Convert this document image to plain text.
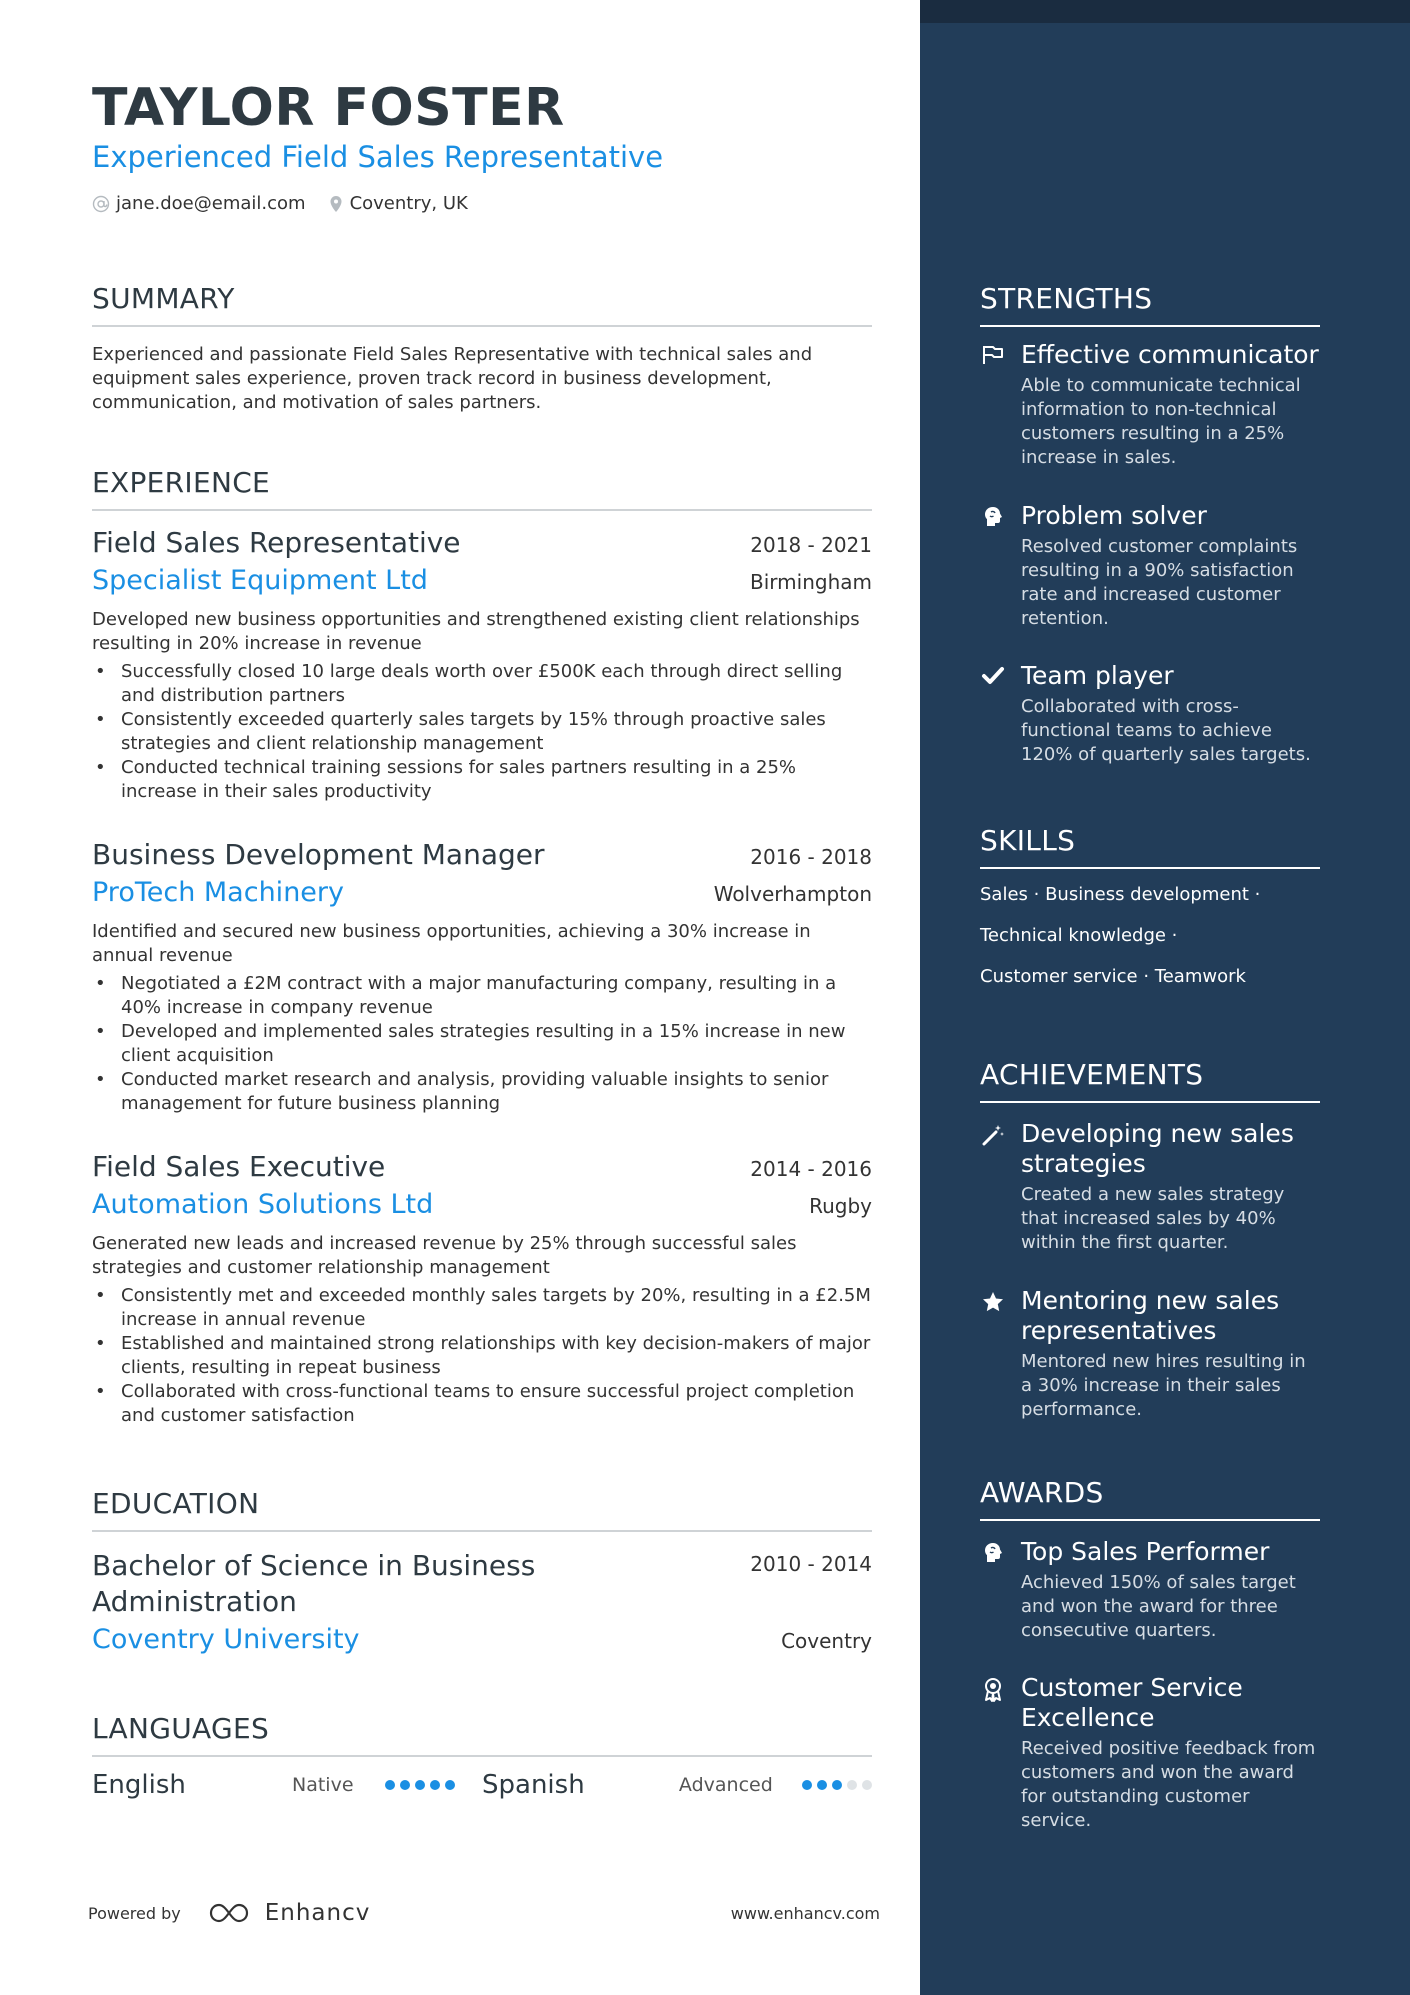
TAYLOR FOSTER
Experienced Field Sales Representative
jane.doe@email.com Coventry, UK
SUMMARY
Experienced and passionate Field Sales Representative with technical sales and equipment sales experience, proven track record in business development, communication, and motivation of sales partners.
EXPERIENCE
Field Sales Representative	2018 - 2021
Specialist Equipment Ltd	Birmingham
Developed new business opportunities and strengthened existing client relationships resulting in 20% increase in revenue
• Successfully closed 10 large deals worth over £500K each through direct selling and distribution partners
• Consistently exceeded quarterly sales targets by 15% through proactive sales strategies and client relationship management
• Conducted technical training sessions for sales partners resulting in a 25% increase in their sales productivity
Business Development Manager	2016 - 2018
ProTech Machinery	Wolverhampton
Identified and secured new business opportunities, achieving a 30% increase in annual revenue
• Negotiated a £2M contract with a major manufacturing company, resulting in a 40% increase in company revenue
• Developed and implemented sales strategies resulting in a 15% increase in new client acquisition
• Conducted market research and analysis, providing valuable insights to senior management for future business planning
Field Sales Executive	2014 - 2016
Automation Solutions Ltd	Rugby
Generated new leads and increased revenue by 25% through successful sales strategies and customer relationship management
• Consistently met and exceeded monthly sales targets by 20%, resulting in a £2.5M increase in annual revenue
• Established and maintained strong relationships with key decision-makers of major clients, resulting in repeat business
• Collaborated with cross-functional teams to ensure successful project completion and customer satisfaction
EDUCATION
Bachelor of Science in Business Administration
2010 - 2014
Coventry University	Coventry
LANGUAGES
English	Native	Spanish	Advanced
Powered by	Enhancv	www.enhancv.com
STRENGTHS
Effective communicator
Able to communicate technical information to non-technical customers resulting in a 25% increase in sales.
Problem solver
Resolved customer complaints resulting in a 90% satisfaction rate and increased customer retention.
Team player
Collaborated with cross-functional teams to achieve 120% of quarterly sales targets.
SKILLS
Sales · Business development ·
Technical knowledge ·
Customer service · Teamwork
ACHIEVEMENTS
Developing new sales strategies
Created a new sales strategy that increased sales by 40% within the first quarter.
Mentoring new sales representatives
Mentored new hires resulting in a 30% increase in their sales performance.
AWARDS
Top Sales Performer
Achieved 150% of sales target and won the award for three consecutive quarters.
Customer Service Excellence
Received positive feedback from customers and won the award for outstanding customer service.
